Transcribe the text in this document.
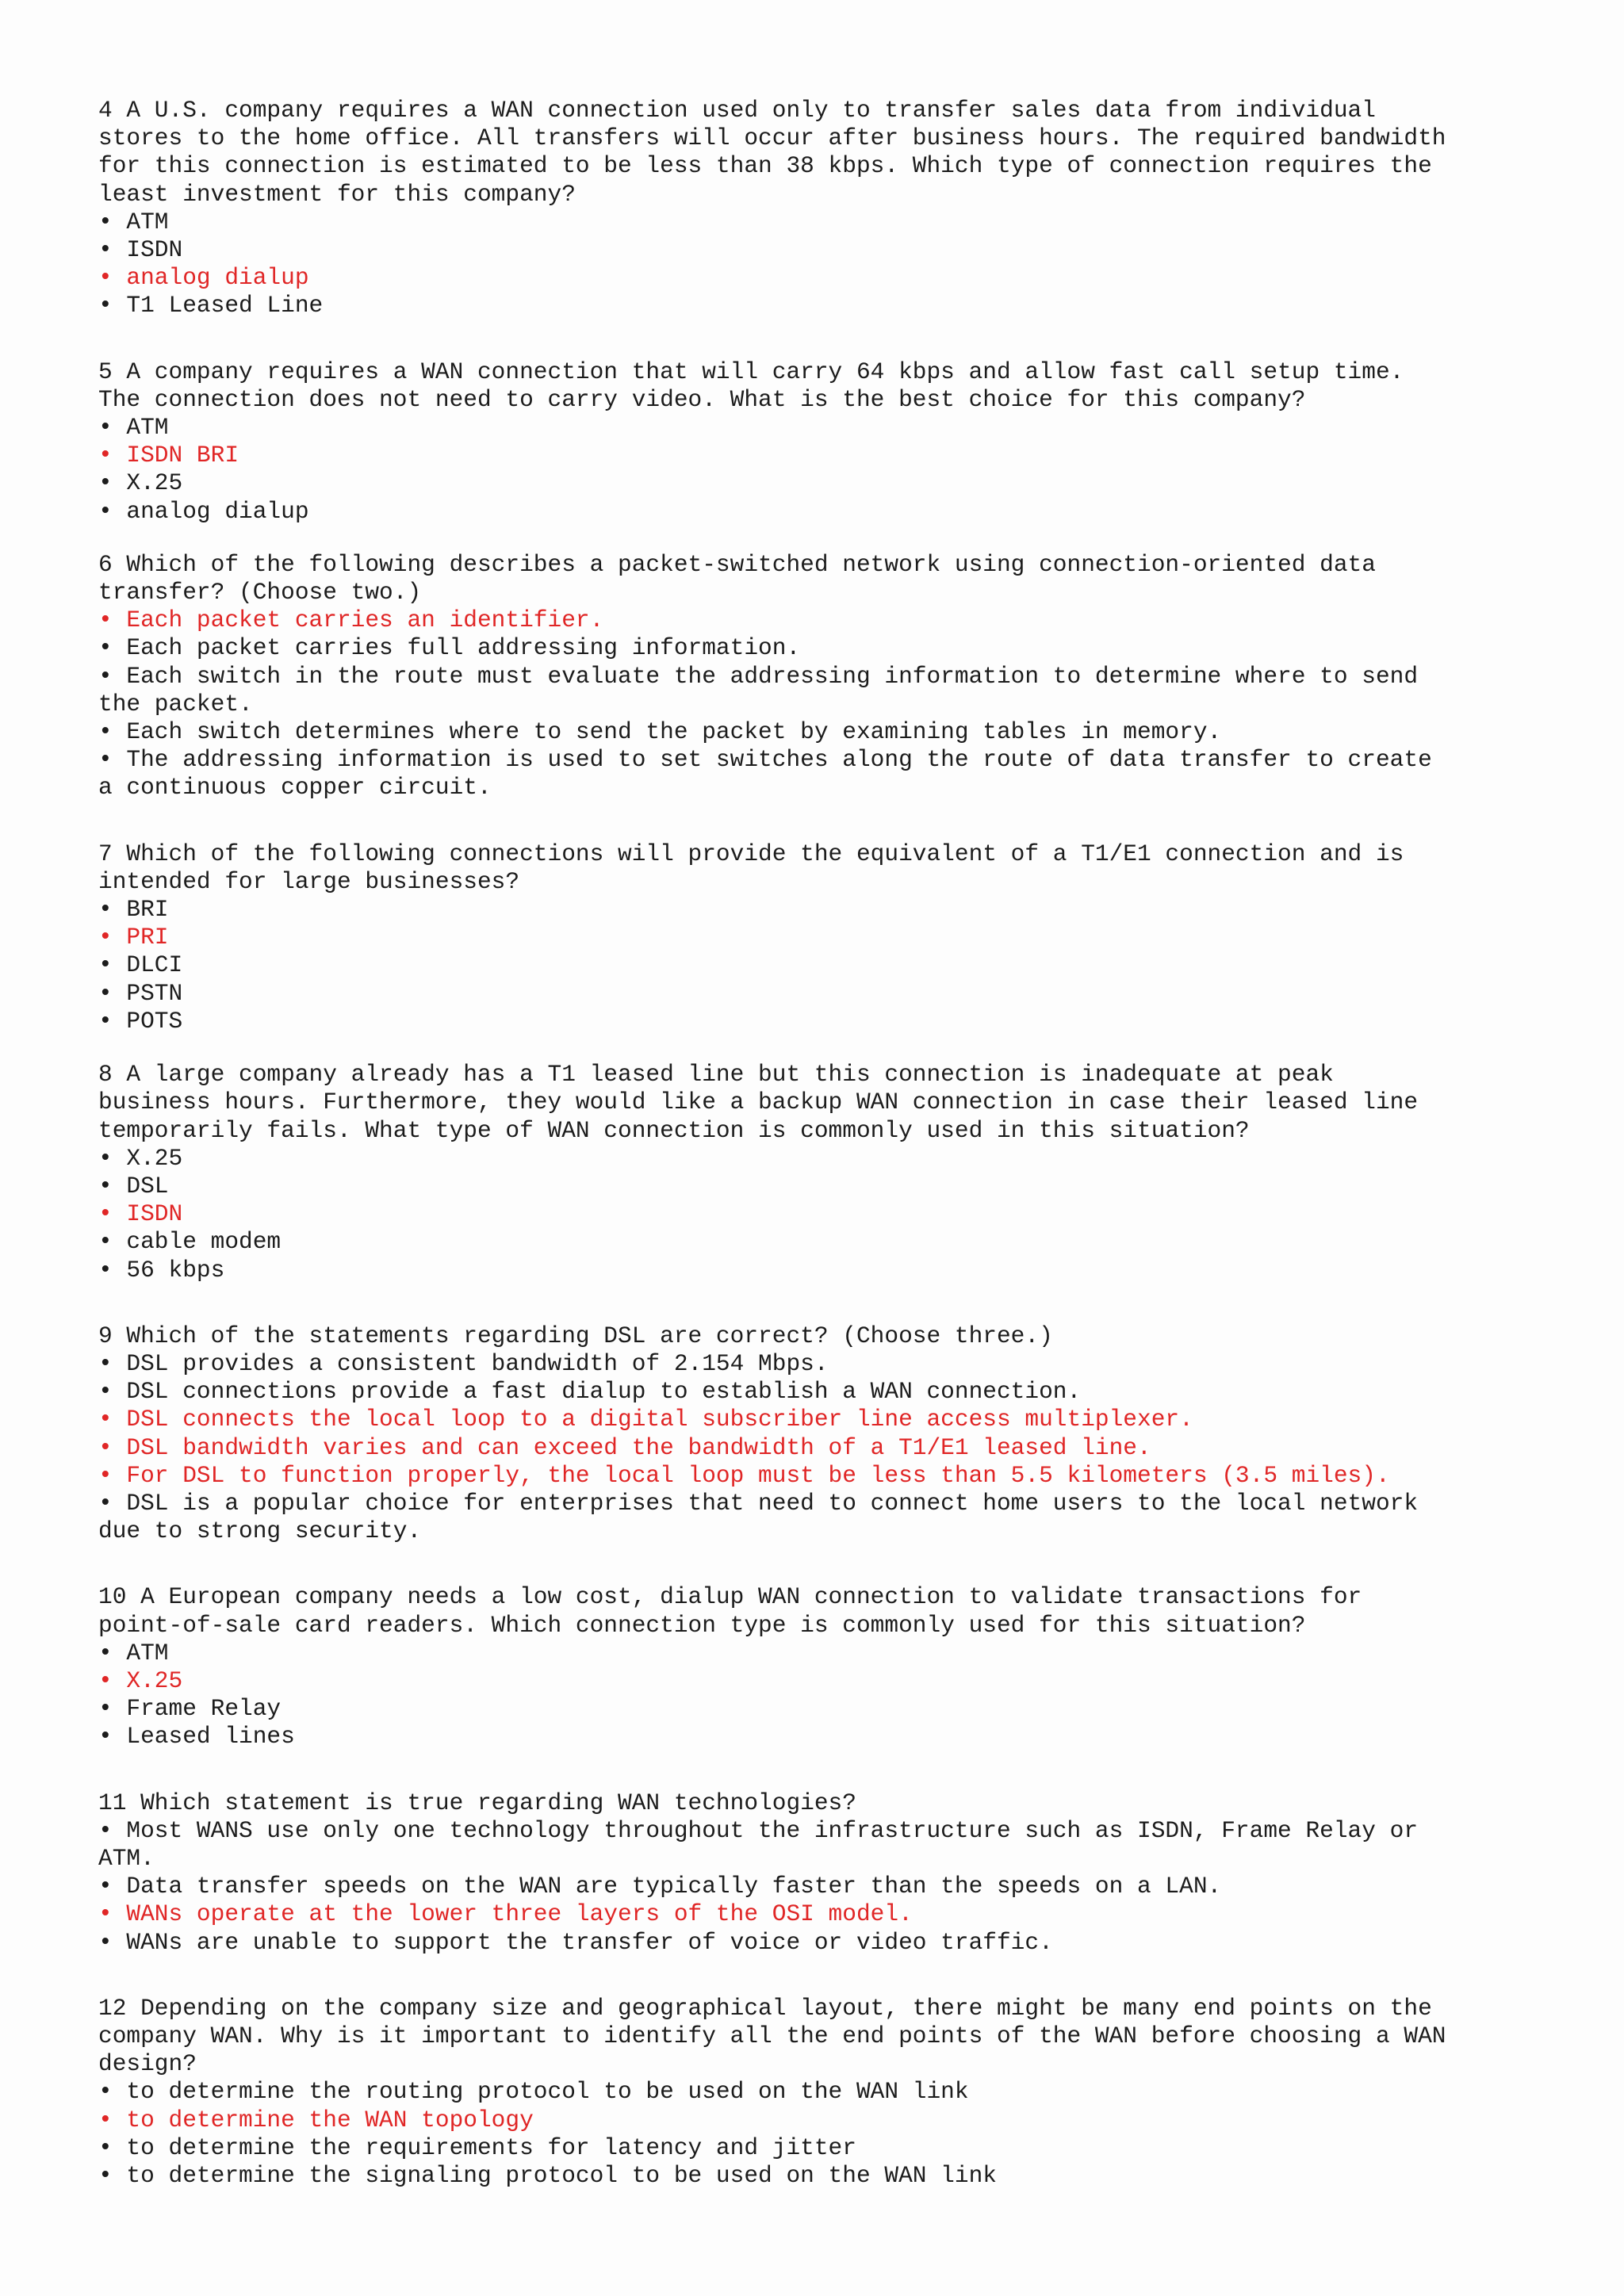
4 A U.S. company requires a WAN connection used only to transfer sales data from individual

stores to the home office. All transfers will occur after business hours. The required bandwidth

for this connection is estimated to be less than 38 kbps. Which type of connection requires the

least investment for this company?

• ATM
• ISDN
• analog dialup
• T1 Leased Line

5 A company requires a WAN connection that will carry 64 kbps and allow fast call setup time.

The connection does not need to carry video. What is the best choice for this company?

• ATM
• ISDN BRI
• X.25
• analog dialup

6 Which of the following describes a packet-switched network using connection-oriented data

transfer? (Choose two.)

• Each packet carries an identifier.
• Each packet carries full addressing information.
• Each switch in the route must evaluate the addressing information to determine where to send
the packet.
• Each switch determines where to send the packet by examining tables in memory.
• The addressing information is used to set switches along the route of data transfer to create
a continuous copper circuit.

7 Which of the following connections will provide the equivalent of a T1/E1 connection and is

intended for large businesses?

• BRI
• PRI
• DLCI
• PSTN
• POTS

8 A large company already has a T1 leased line but this connection is inadequate at peak

business hours. Furthermore, they would like a backup WAN connection in case their leased line

temporarily fails. What type of WAN connection is commonly used in this situation?

• X.25
• DSL
• ISDN
• cable modem
• 56 kbps

9 Which of the statements regarding DSL are correct? (Choose three.)

• DSL provides a consistent bandwidth of 2.154 Mbps.
• DSL connections provide a fast dialup to establish a WAN connection.
• DSL connects the local loop to a digital subscriber line access multiplexer.
• DSL bandwidth varies and can exceed the bandwidth of a T1/E1 leased line.
• For DSL to function properly, the local loop must be less than 5.5 kilometers (3.5 miles).
• DSL is a popular choice for enterprises that need to connect home users to the local network
due to strong security.

10 A European company needs a low cost, dialup WAN connection to validate transactions for

point-of-sale card readers. Which connection type is commonly used for this situation?

• ATM
• X.25
• Frame Relay
• Leased lines

11 Which statement is true regarding WAN technologies?

• Most WANS use only one technology throughout the infrastructure such as ISDN, Frame Relay or
ATM.
• Data transfer speeds on the WAN are typically faster than the speeds on a LAN.
• WANs operate at the lower three layers of the OSI model.
• WANs are unable to support the transfer of voice or video traffic.

12 Depending on the company size and geographical layout, there might be many end points on the

company WAN. Why is it important to identify all the end points of the WAN before choosing a WAN

design?

• to determine the routing protocol to be used on the WAN link
• to determine the WAN topology
• to determine the requirements for latency and jitter
• to determine the signaling protocol to be used on the WAN link
